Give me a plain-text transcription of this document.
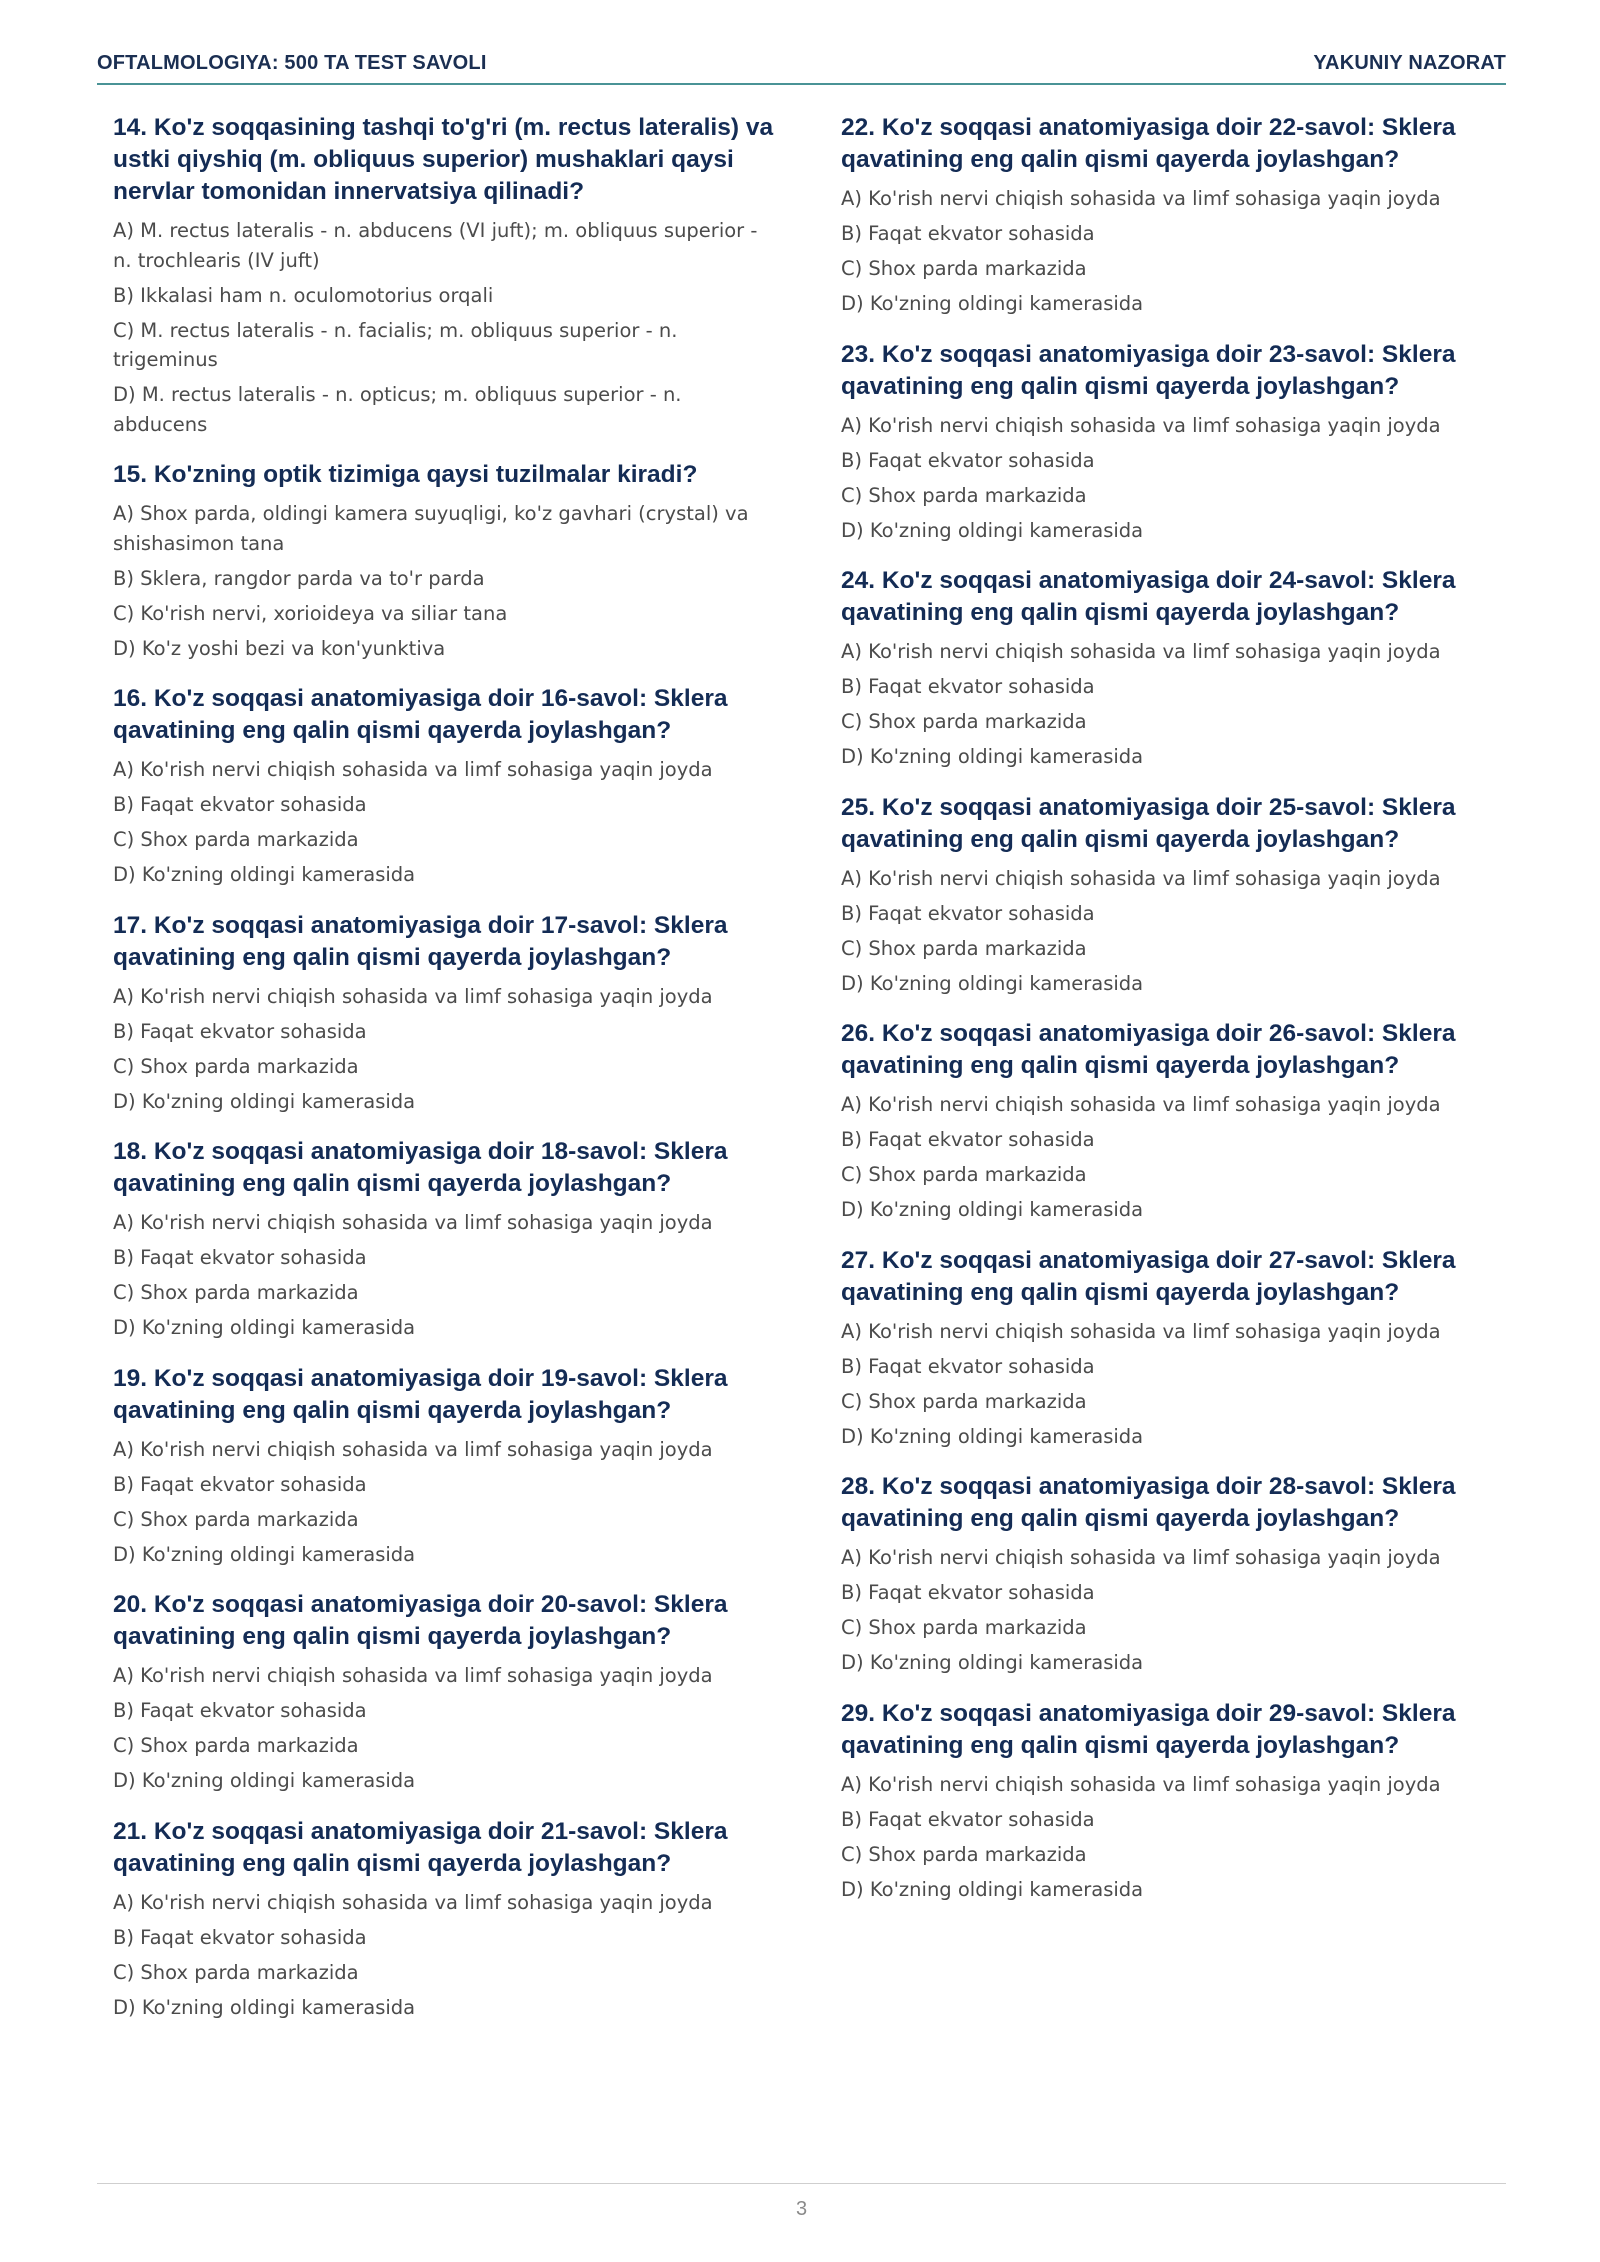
OFTALMOLOGIYA: 500 TA TEST SAVOLI	YAKUNIY NAZORAT
14. Ko'z soqqasining tashqi to'g'ri (m. rectus lateralis) va ustki qiyshiq (m. obliquus superior) mushaklari qaysi nervlar tomonidan innervatsiya qilinadi?
A) M. rectus lateralis - n. abducens (VI juft); m. obliquus superior - n. trochlearis (IV juft)
B) Ikkalasi ham n. oculomotorius orqali
C) M. rectus lateralis - n. facialis; m. obliquus superior - n. trigeminus
D) M. rectus lateralis - n. opticus; m. obliquus superior - n. abducens
15. Ko'zning optik tizimiga qaysi tuzilmalar kiradi?
A) Shox parda, oldingi kamera suyuqligi, ko'z gavhari (crystal) va shishasimon tana
B) Sklera, rangdor parda va to'r parda
C) Ko'rish nervi, xorioideya va siliar tana
D) Ko'z yoshi bezi va kon'yunktiva
16. Ko'z soqqasi anatomiyasiga doir 16-savol: Sklera qavatining eng qalin qismi qayerda joylashgan?
A) Ko'rish nervi chiqish sohasida va limf sohasiga yaqin joyda
B) Faqat ekvator sohasida
C) Shox parda markazida
D) Ko'zning oldingi kamerasida
17. Ko'z soqqasi anatomiyasiga doir 17-savol: Sklera qavatining eng qalin qismi qayerda joylashgan?
A) Ko'rish nervi chiqish sohasida va limf sohasiga yaqin joyda
B) Faqat ekvator sohasida
C) Shox parda markazida
D) Ko'zning oldingi kamerasida
18. Ko'z soqqasi anatomiyasiga doir 18-savol: Sklera qavatining eng qalin qismi qayerda joylashgan?
A) Ko'rish nervi chiqish sohasida va limf sohasiga yaqin joyda
B) Faqat ekvator sohasida
C) Shox parda markazida
D) Ko'zning oldingi kamerasida
19. Ko'z soqqasi anatomiyasiga doir 19-savol: Sklera qavatining eng qalin qismi qayerda joylashgan?
A) Ko'rish nervi chiqish sohasida va limf sohasiga yaqin joyda
B) Faqat ekvator sohasida
C) Shox parda markazida
D) Ko'zning oldingi kamerasida
20. Ko'z soqqasi anatomiyasiga doir 20-savol: Sklera qavatining eng qalin qismi qayerda joylashgan?
A) Ko'rish nervi chiqish sohasida va limf sohasiga yaqin joyda
B) Faqat ekvator sohasida
C) Shox parda markazida
D) Ko'zning oldingi kamerasida
21. Ko'z soqqasi anatomiyasiga doir 21-savol: Sklera qavatining eng qalin qismi qayerda joylashgan?
A) Ko'rish nervi chiqish sohasida va limf sohasiga yaqin joyda
B) Faqat ekvator sohasida
C) Shox parda markazida
D) Ko'zning oldingi kamerasida
22. Ko'z soqqasi anatomiyasiga doir 22-savol: Sklera qavatining eng qalin qismi qayerda joylashgan?
A) Ko'rish nervi chiqish sohasida va limf sohasiga yaqin joyda
B) Faqat ekvator sohasida
C) Shox parda markazida
D) Ko'zning oldingi kamerasida
23. Ko'z soqqasi anatomiyasiga doir 23-savol: Sklera qavatining eng qalin qismi qayerda joylashgan?
A) Ko'rish nervi chiqish sohasida va limf sohasiga yaqin joyda
B) Faqat ekvator sohasida
C) Shox parda markazida
D) Ko'zning oldingi kamerasida
24. Ko'z soqqasi anatomiyasiga doir 24-savol: Sklera qavatining eng qalin qismi qayerda joylashgan?
A) Ko'rish nervi chiqish sohasida va limf sohasiga yaqin joyda
B) Faqat ekvator sohasida
C) Shox parda markazida
D) Ko'zning oldingi kamerasida
25. Ko'z soqqasi anatomiyasiga doir 25-savol: Sklera qavatining eng qalin qismi qayerda joylashgan?
A) Ko'rish nervi chiqish sohasida va limf sohasiga yaqin joyda
B) Faqat ekvator sohasida
C) Shox parda markazida
D) Ko'zning oldingi kamerasida
26. Ko'z soqqasi anatomiyasiga doir 26-savol: Sklera qavatining eng qalin qismi qayerda joylashgan?
A) Ko'rish nervi chiqish sohasida va limf sohasiga yaqin joyda
B) Faqat ekvator sohasida
C) Shox parda markazida
D) Ko'zning oldingi kamerasida
27. Ko'z soqqasi anatomiyasiga doir 27-savol: Sklera qavatining eng qalin qismi qayerda joylashgan?
A) Ko'rish nervi chiqish sohasida va limf sohasiga yaqin joyda
B) Faqat ekvator sohasida
C) Shox parda markazida
D) Ko'zning oldingi kamerasida
28. Ko'z soqqasi anatomiyasiga doir 28-savol: Sklera qavatining eng qalin qismi qayerda joylashgan?
A) Ko'rish nervi chiqish sohasida va limf sohasiga yaqin joyda
B) Faqat ekvator sohasida
C) Shox parda markazida
D) Ko'zning oldingi kamerasida
29. Ko'z soqqasi anatomiyasiga doir 29-savol: Sklera qavatining eng qalin qismi qayerda joylashgan?
A) Ko'rish nervi chiqish sohasida va limf sohasiga yaqin joyda
B) Faqat ekvator sohasida
C) Shox parda markazida
D) Ko'zning oldingi kamerasida
3
